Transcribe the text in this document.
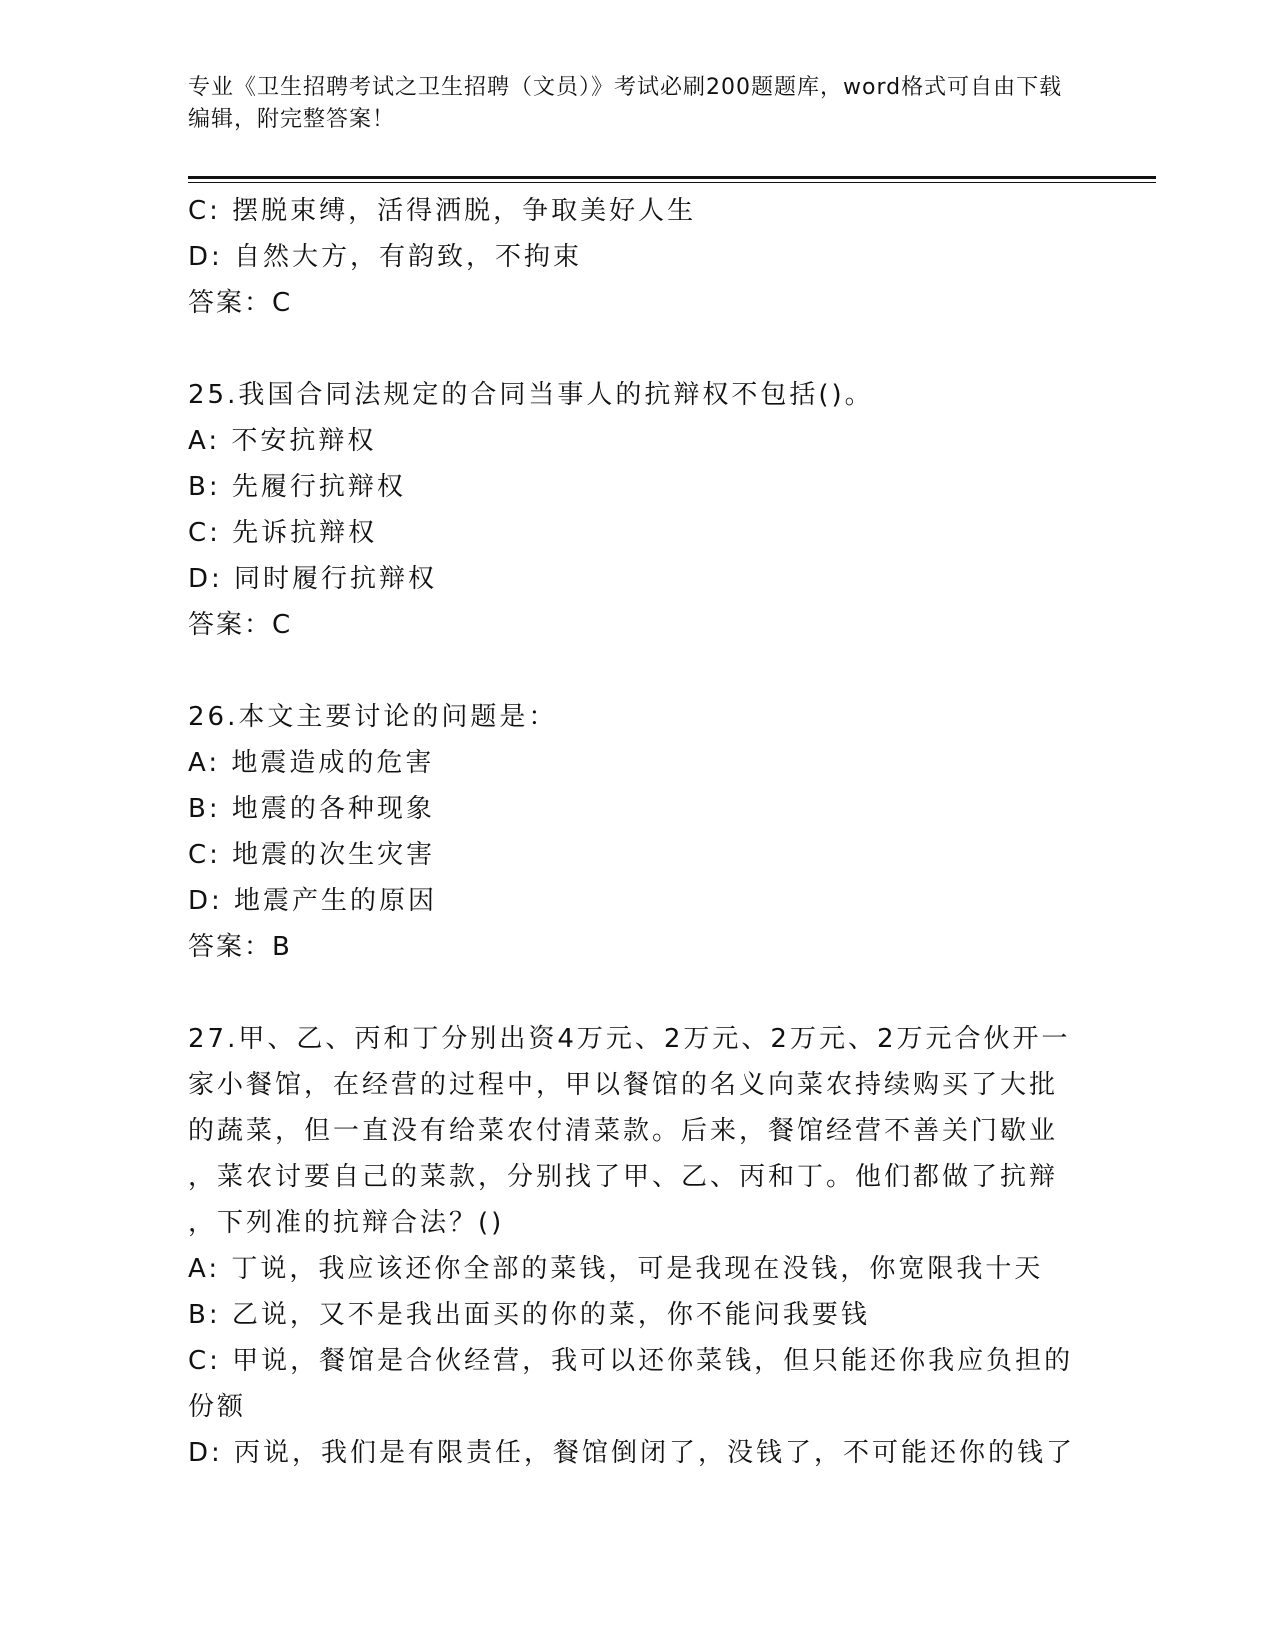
专业《卫生招聘考试之卫生招聘（文员）》考试必刷200题题库，word格式可自由下载编辑，附完整答案！
C: 摆脱束缚，活得洒脱，争取美好人生
D: 自然大方，有韵致，不拘束
答案：C
25.我国合同法规定的合同当事人的抗辩权不包括()。
A: 不安抗辩权
B: 先履行抗辩权
C: 先诉抗辩权
D: 同时履行抗辩权
答案：C
26.本文主要讨论的问题是：
A: 地震造成的危害
B: 地震的各种现象
C: 地震的次生灾害
D: 地震产生的原因
答案：B
27.甲、乙、丙和丁分别出资4万元、2万元、2万元、2万元合伙开一
家小餐馆，在经营的过程中，甲以餐馆的名义向菜农持续购买了大批
的蔬菜，但一直没有给菜农付清菜款。后来，餐馆经营不善关门歇业
，菜农讨要自己的菜款，分别找了甲、乙、丙和丁。他们都做了抗辩
，下列准的抗辩合法？()
A: 丁说，我应该还你全部的菜钱，可是我现在没钱，你宽限我十天
B: 乙说，又不是我出面买的你的菜，你不能问我要钱
C: 甲说，餐馆是合伙经营，我可以还你菜钱，但只能还你我应负担的
份额
D: 丙说，我们是有限责任，餐馆倒闭了，没钱了，不可能还你的钱了
